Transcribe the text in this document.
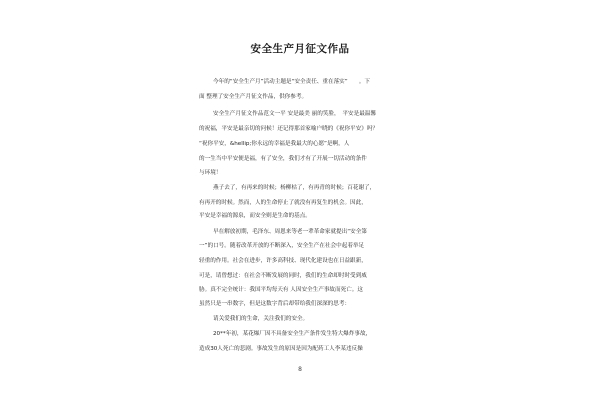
安全生产月征文作品
今年的“安全生产月”活动主题是“安全责任、重在落实”　　。下
面 整理了安全生产月征文作品，供你参考。
安全生产月征文作品范文一平 安是最美 丽的笑脸，　平安是最温馨
的祝福，平安是最亲切的问候！还记得那首家喻户晓的《祝你平安》吗？
“祝你平安，&hellip;你永远的幸福是我最大的心愿”是啊，人
的一生当中平安便是福，有了安全，我们才有了开展一切活动的条件
与环境！
燕子去了，有再来的时候；杨柳枯了，有再青的时候；百花谢了，
有再开的时候。然而，人的生命停止了就没有再复生的机会。因此，
平安是幸福的源泉，而安全则是生命的基点。
早在解放初期，毛泽东、周恩来等老一辈革命家就提出“安全第
一”的口号。随着改革开放的不断深入，安全生产在社会中起着举足
轻重的作用。社会在进步，许多高科技、现代化建设也在日益跟新，
可是，请曾想过：在社会不断发展的同时，我们的生命却时时受到威
胁。真不完全统计：我国平均每天有 人因安全生产事故而死亡。这
虽然只是一串数字，但是这数字背后却带给我们深深的思考：
请关爱我们的生命，关注我们的安全。
20**年初，某花爆厂因不具备安全生产条件发生特大爆炸事故，
造成30人死亡的悲剧。事故发生的原因是因为配药工人李某违反操
8
